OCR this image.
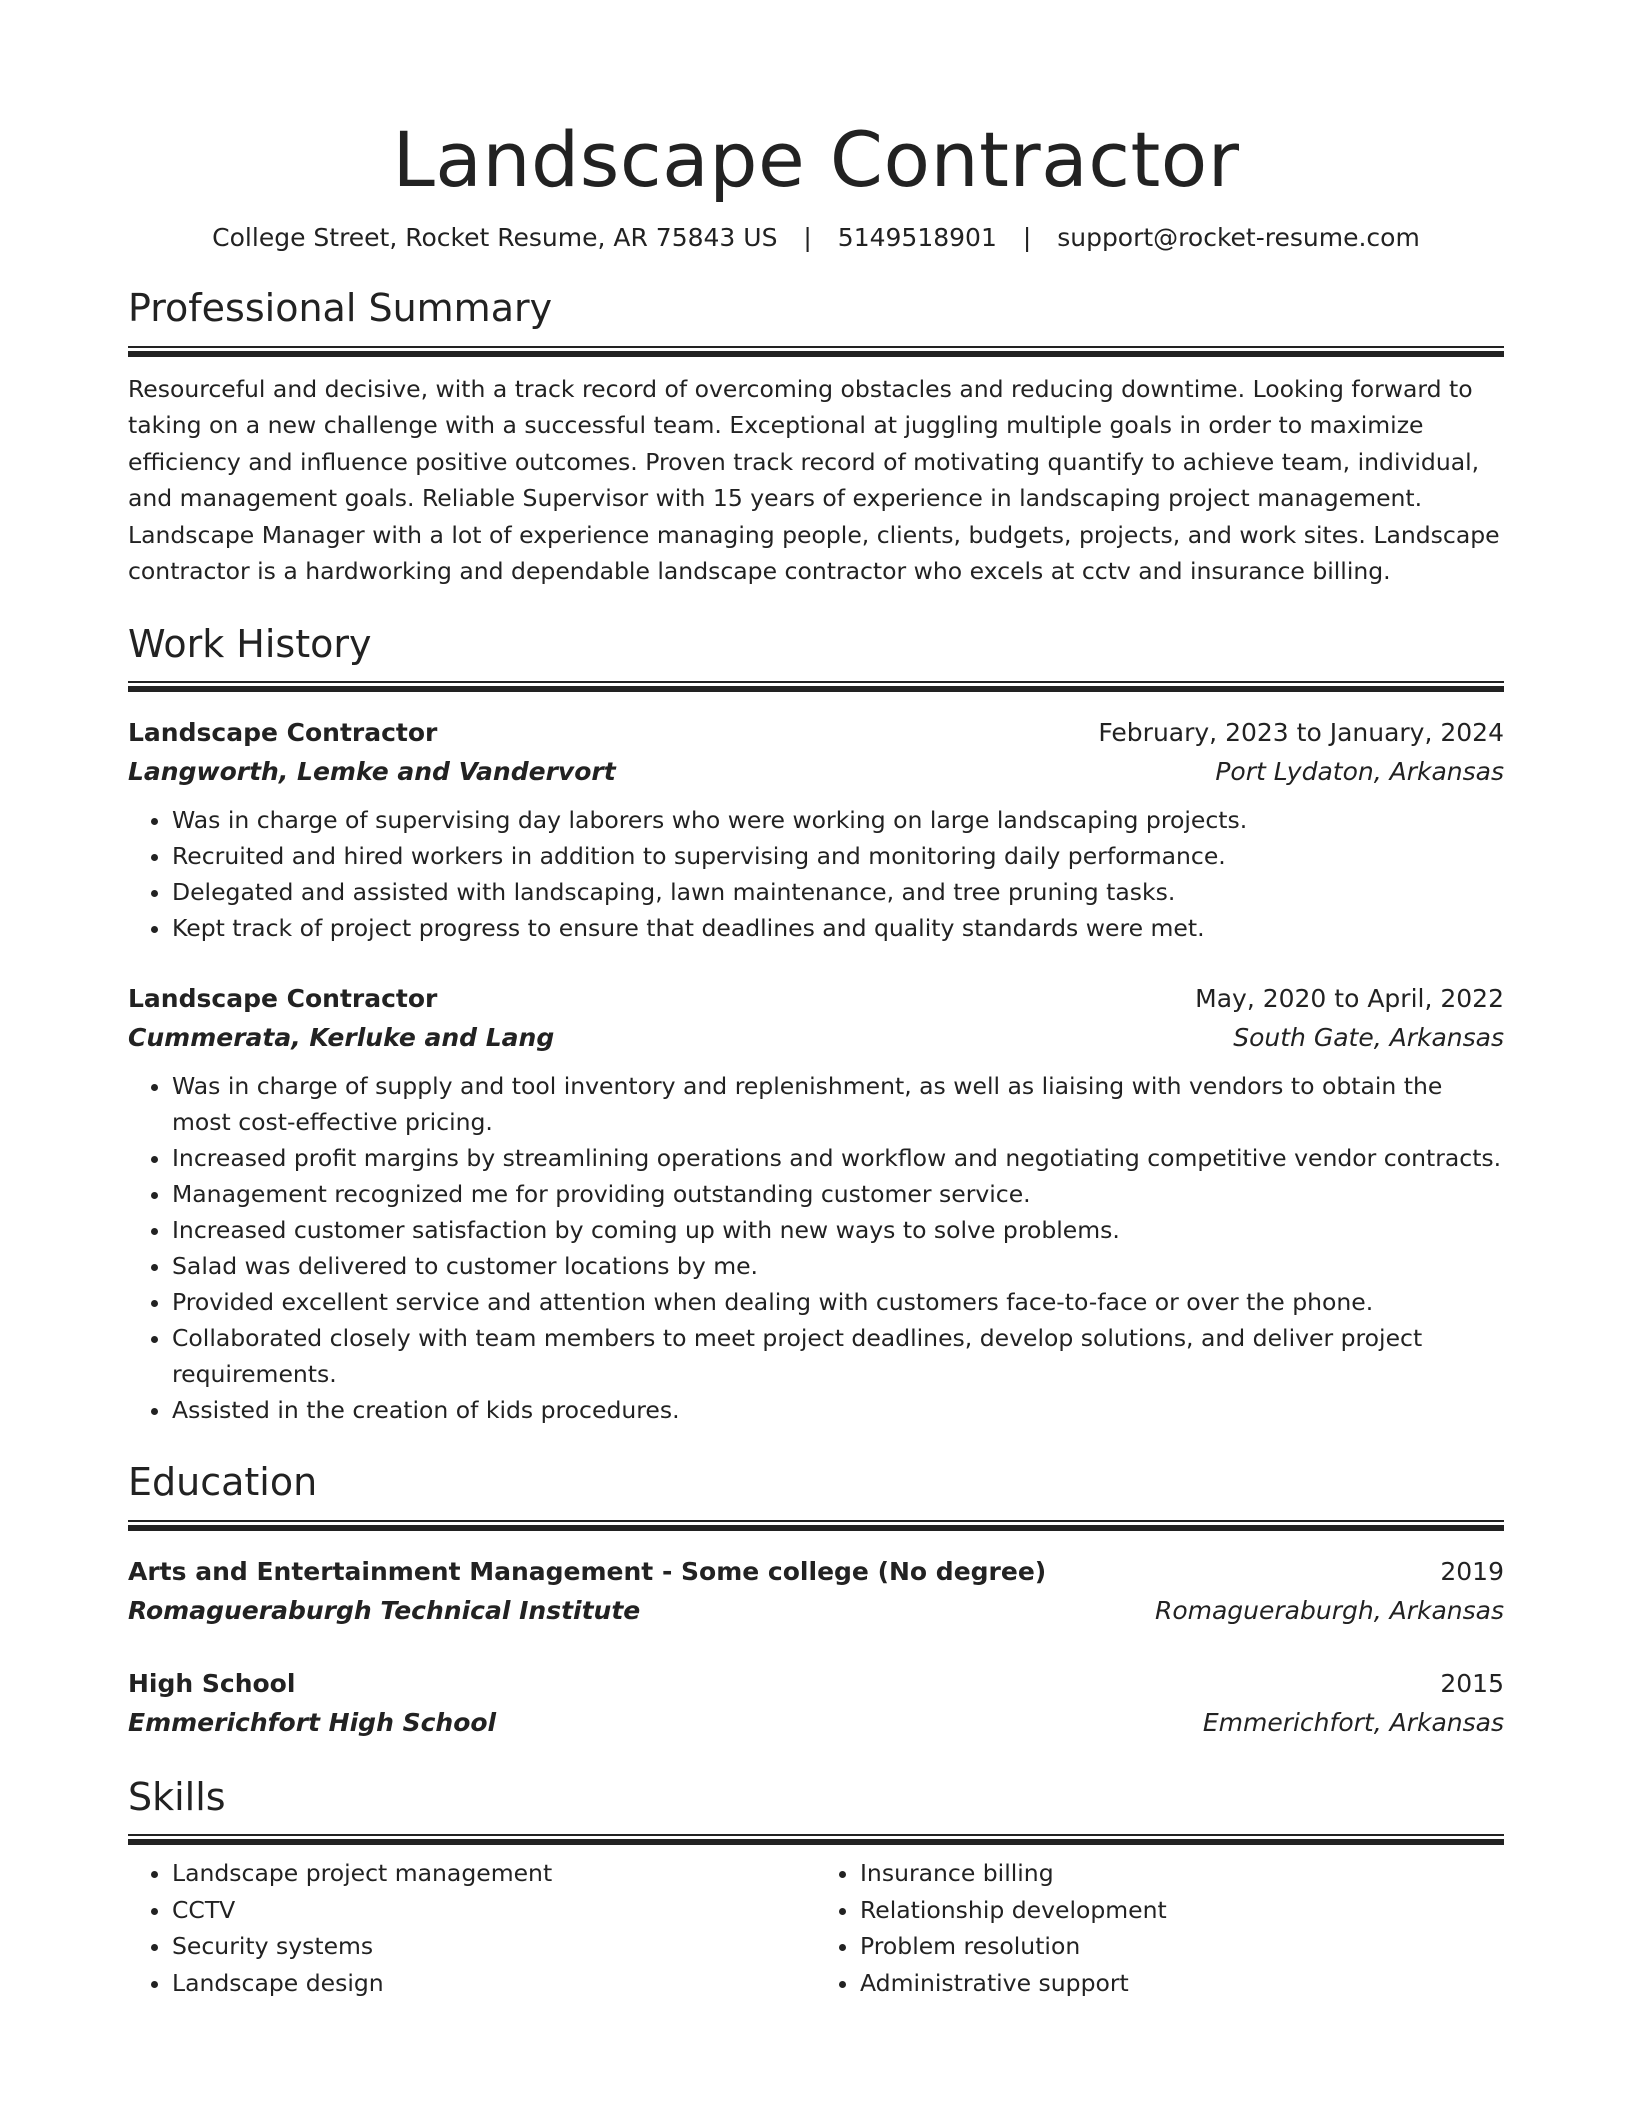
Landscape Contractor
College Street, Rocket Resume, AR 75843 US | 5149518901 | support@rocket-resume.com
Professional Summary
Resourceful and decisive, with a track record of overcoming obstacles and reducing downtime. Looking forward to taking on a new challenge with a successful team. Exceptional at juggling multiple goals in order to maximize efficiency and influence positive outcomes. Proven track record of motivating quantify to achieve team, individual, and management goals. Reliable Supervisor with 15 years of experience in landscaping project management. Landscape Manager with a lot of experience managing people, clients, budgets, projects, and work sites. Landscape contractor is a hardworking and dependable landscape contractor who excels at cctv and insurance billing.
Work History
Landscape Contractor	February, 2023 to January, 2024
Langworth, Lemke and Vandervort	Port Lydaton, Arkansas
• Was in charge of supervising day laborers who were working on large landscaping projects.
• Recruited and hired workers in addition to supervising and monitoring daily performance.
• Delegated and assisted with landscaping, lawn maintenance, and tree pruning tasks.
• Kept track of project progress to ensure that deadlines and quality standards were met.
Landscape Contractor	May, 2020 to April, 2022
Cummerata, Kerluke and Lang	South Gate, Arkansas
• Was in charge of supply and tool inventory and replenishment, as well as liaising with vendors to obtain the most cost-effective pricing.
• Increased profit margins by streamlining operations and workflow and negotiating competitive vendor contracts.
• Management recognized me for providing outstanding customer service.
• Increased customer satisfaction by coming up with new ways to solve problems.
• Salad was delivered to customer locations by me.
• Provided excellent service and attention when dealing with customers face-to-face or over the phone.
• Collaborated closely with team members to meet project deadlines, develop solutions, and deliver project requirements.
• Assisted in the creation of kids procedures.
Education
Arts and Entertainment Management - Some college (No degree)	2019
Romagueraburgh Technical Institute	Romagueraburgh, Arkansas
High School	2015
Emmerichfort High School	Emmerichfort, Arkansas
Skills
• Landscape project management
• CCTV
• Security systems
• Landscape design
• Insurance billing
• Relationship development
• Problem resolution
• Administrative support
